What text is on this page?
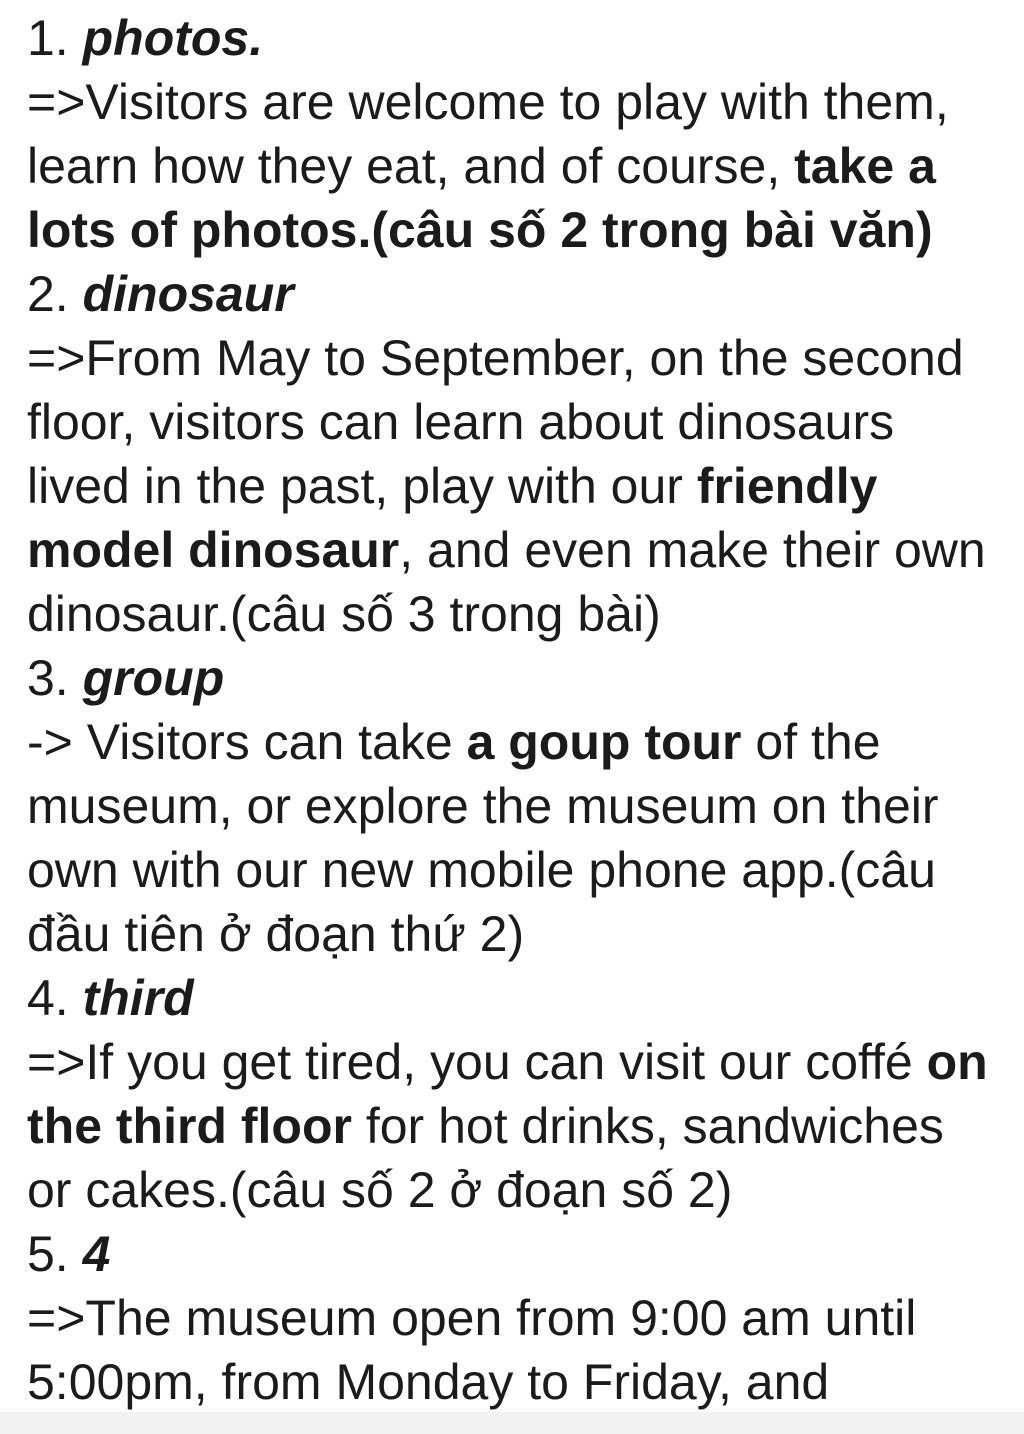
1. photos.
=>Visitors are welcome to play with them, learn how they eat, and of course, take a lots of photos.(câu số 2 trong bài văn)
2. dinosaur
=>From May to September, on the second floor, visitors can learn about dinosaurs lived in the past, play with our friendly model dinosaur, and even make their own dinosaur.(câu số 3 trong bài)
3. group
-> Visitors can take a goup tour of the museum, or explore the museum on their own with our new mobile phone app.(câu đầu tiên ở đoạn thứ 2)
4. third
=>If you get tired, you can visit our coffé on the third floor for hot drinks, sandwiches or cakes.(câu số 2 ở đoạn số 2)
5. 4
=>The museum open from 9:00 am until 5:00pm, from Monday to Friday, and
